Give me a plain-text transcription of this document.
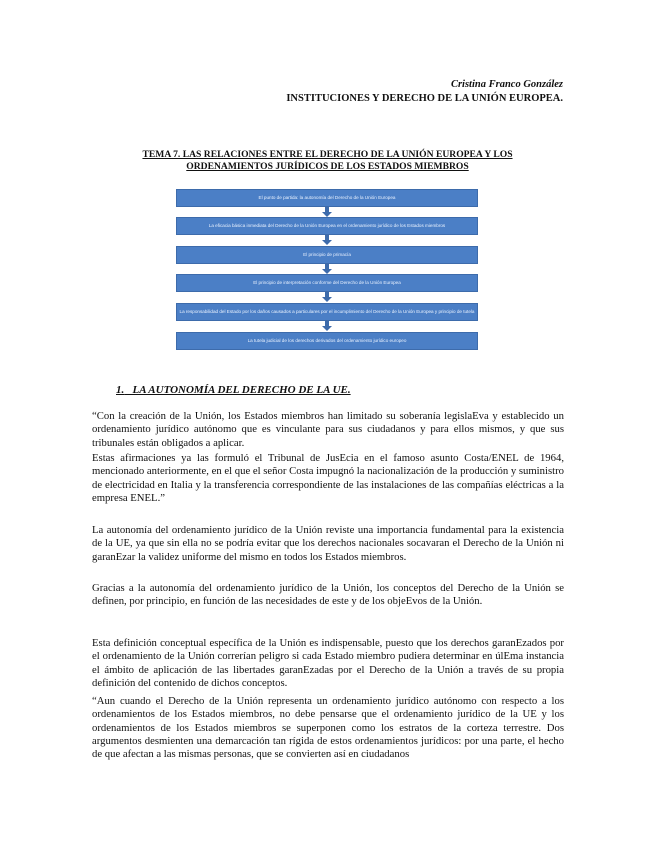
Cristina Franco González
INSTITUCIONES Y DERECHO DE LA UNIÓN EUROPEA.
TEMA 7. LAS RELACIONES ENTRE EL DERECHO DE LA UNIÓN EUROPEA Y LOS
ORDENAMIENTOS JURÍDICOS DE LOS ESTADOS MIEMBROS
El punto de partida: la autonomía del Derecho de la Unión Europea
La eficacia básica inmediata del Derecho de la Unión Europea en el ordenamiento jurídico de los Estados miembros
El principio de primacía
El principio de interpretación conforme del Derecho de la Unión Europea
La responsabilidad del Estado por los daños causados a particulares por el incumplimiento del Derecho de la Unión Europea y principio de tutela
La tutela judicial de los derechos derivados del ordenamiento jurídico europeo
1. LA AUTONOMÍA DEL DERECHO DE LA UE.

“Con la creación de la Unión, los Estados miembros han limitado su soberanía legislaEva y establecido un ordenamiento jurídico autónomo que es vinculante para sus ciudadanos y para ellos mismos, y que sus tribunales están obligados a aplicar.

Estas afirmaciones ya las formuló el Tribunal de JusEcia en el famoso asunto Costa/ENEL de 1964, mencionado anteriormente, en el que el señor Costa impugnó la nacionalización de la producción y suministro de electricidad en Italia y la transferencia correspondiente de las instalaciones de las compañías eléctricas a la empresa ENEL.”

La autonomía del ordenamiento jurídico de la Unión reviste una importancia fundamental para la existencia de la UE, ya que sin ella no se podría evitar que los derechos nacionales socavaran el Derecho de la Unión ni garanEzar la validez uniforme del mismo en todos los Estados miembros.

Gracias a la autonomía del ordenamiento jurídico de la Unión, los conceptos del Derecho de la Unión se definen, por principio, en función de las necesidades de este y de los objeEvos de la Unión.

Esta definición conceptual específica de la Unión es indispensable, puesto que los derechos garanEzados por el ordenamiento de la Unión correrían peligro si cada Estado miembro pudiera determinar en úlEma instancia el ámbito de aplicación de las libertades garanEzadas por el Derecho de la Unión a través de su propia definición del contenido de dichos conceptos.

“Aun cuando el Derecho de la Unión representa un ordenamiento jurídico autónomo con respecto a los ordenamientos de los Estados miembros, no debe pensarse que el ordenamiento jurídico de la UE y los ordenamientos de los Estados miembros se superponen como los estratos de la corteza terrestre. Dos argumentos desmienten una demarcación tan rígida de estos ordenamientos jurídicos: por una parte, el hecho de que afectan a las mismas personas, que se convierten así en ciudadanos
